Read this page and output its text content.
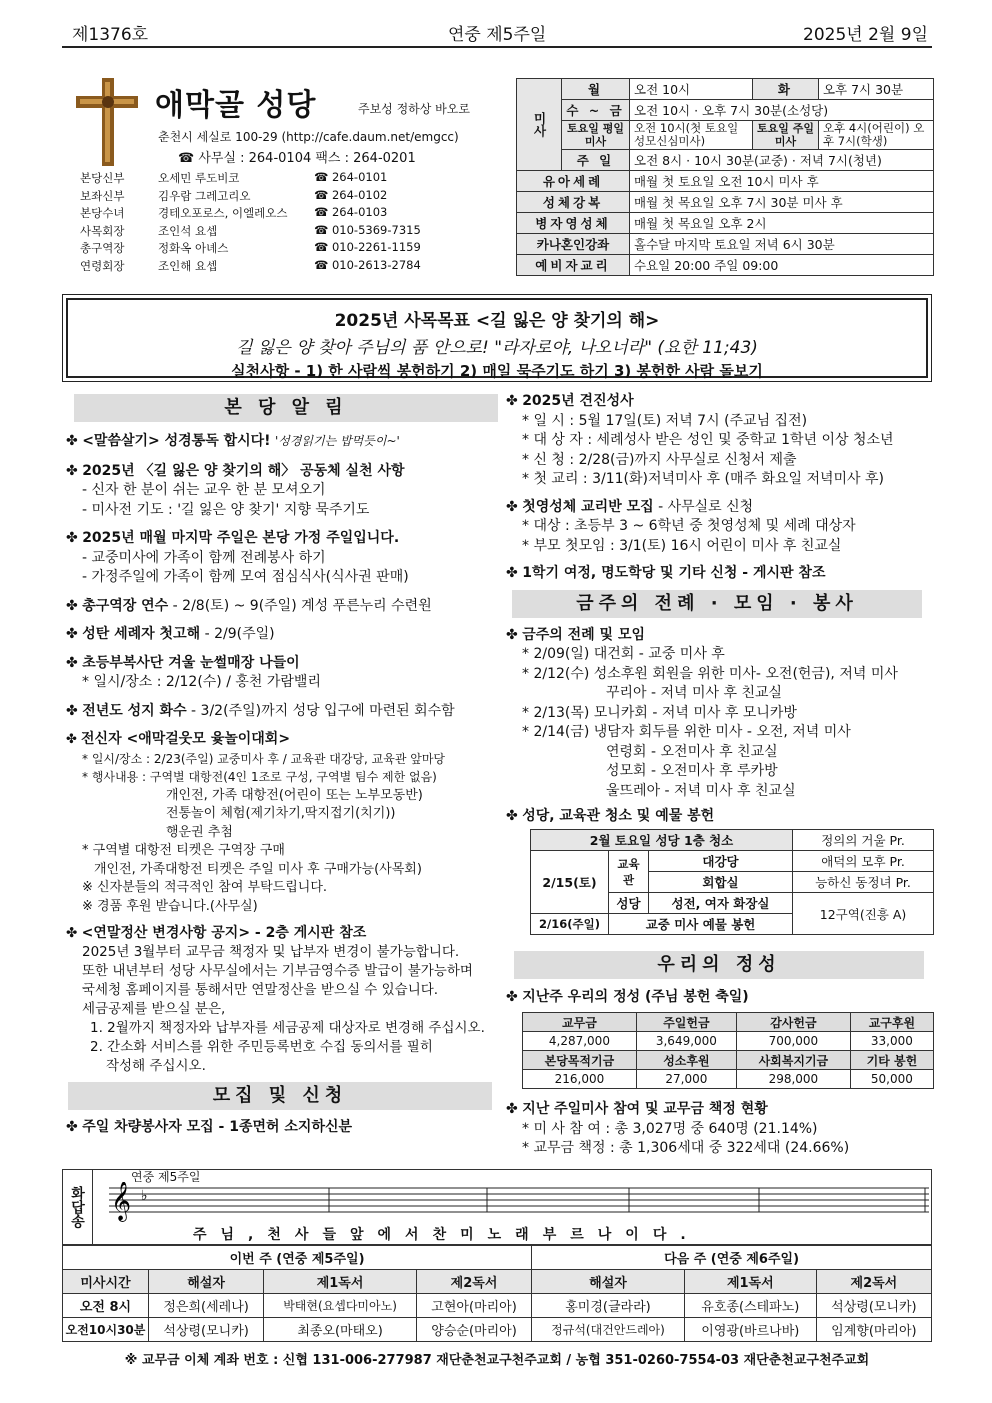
제1376호	연중 제5주일	2025년 2월 9일
애막골 성당	주보성 정하상 바오로
춘천시 세실로 100-29 (http://cafe.daum.net/emgcc)
☎ 사무실 : 264-0104 팩스 : 264-0201
본당신부	오세민 루도비코	☎ 264-0101
보좌신부	김우람 그레고리오	☎ 264-0102
본당수녀	경테오포로스, 이엘레오스 ☎ 264-0103
사목회장	조인석 요셉	☎ 010-5369-7315
총구역장	정화옥 아녜스	☎ 010-2261-1159
연령회장	조인해 요셉	☎ 010-2613-2784
미사	월	오전 10시	화	오후 7시 30분
	수 ~ 금	오전 10시 · 오후 7시 30분(소성당)		
	토요일 평일미사	오전 10시(첫 토요일 성모신심미사)	토요일 주일미사	오후 4시(어린이) 오후 7시(학생)
	주 일	오전 8시 · 10시 30분(교중) · 저녁 7시(청년)		
유아세례		매월 첫 토요일 오전 10시 미사 후		
성체강복		매월 첫 목요일 오후 7시 30분 미사 후		
병자영성체		매월 첫 목요일 오후 2시		
카나혼인강좌		홀수달 마지막 토요일 저녁 6시 30분		
예비자교리		수요일 20:00 주일 09:00		
2025년 사목목표 <길 잃은 양 찾기의 해>
길 잃은 양 찾아 주님의 품 안으로! "라자로야, 나오너라" (요한 11;43)
실천사항 - 1) 한 사람씩 봉헌하기 2) 매일 묵주기도 하기 3) 봉헌한 사람 돌보기
본 당 알 림
✤ <말씀살기> 성경통독 합시다! '성경읽기는 밥먹듯이~'
✤ 2025년 〈길 잃은 양 찾기의 해〉 공동체 실천 사항
- 신자 한 분이 쉬는 교우 한 분 모셔오기
- 미사전 기도 : '길 잃은 양 찾기' 지향 묵주기도
✤ 2025년 매월 마지막 주일은 본당 가정 주일입니다.
- 교중미사에 가족이 함께 전례봉사 하기
- 가정주일에 가족이 함께 모여 점심식사(식사권 판매)
✤ 총구역장 연수 - 2/8(토) ~ 9(주일) 계성 푸른누리 수련원
✤ 성탄 세례자 첫고해 - 2/9(주일)
✤ 초등부복사단 겨울 눈썰매장 나들이
* 일시/장소 : 2/12(수) / 홍천 가람밸리
✤ 전년도 성지 화수 - 3/2(주일)까지 성당 입구에 마련된 회수함
✤ 전신자 <애막걸웃모 윷놀이대회>
* 일시/장소 : 2/23(주일) 교중미사 후 / 교육관 대강당, 교육관 앞마당
* 행사내용 : 구역별 대항전(4인 1조로 구성, 구역별 팀수 제한 없음)
개인전, 가족 대항전(어린이 또는 노부모동반)
전통놀이 체험(제기차기,딱지접기(치기))
행운권 추첨
* 구역별 대항전 티켓은 구역장 구매
개인전, 가족대항전 티켓은 주일 미사 후 구매가능(사목회)
※ 신자분들의 적극적인 참여 부탁드립니다.
※ 경품 후원 받습니다.(사무실)
✤ <연말정산 변경사항 공지> - 2층 게시판 참조
2025년 3월부터 교무금 책정자 및 납부자 변경이 불가능합니다.
또한 내년부터 성당 사무실에서는 기부금영수증 발급이 불가능하며
국세청 홈페이지를 통해서만 연말정산을 받으실 수 있습니다.
세금공제를 받으실 분은,
1. 2월까지 책정자와 납부자를 세금공제 대상자로 변경해 주십시오.
2. 간소화 서비스를 위한 주민등록번호 수집 동의서를 필히
작성해 주십시오.
모집 및 신청
✤ 주일 차량봉사자 모집 - 1종면허 소지하신분
✤ 2025년 견진성사
* 일 시 : 5월 17일(토) 저녁 7시 (주교님 집전)
* 대 상 자 : 세례성사 받은 성인 및 중학교 1학년 이상 청소년
* 신 청 : 2/28(금)까지 사무실로 신청서 제출
* 첫 교리 : 3/11(화)저녁미사 후 (매주 화요일 저녁미사 후)
✤ 첫영성체 교리반 모집 - 사무실로 신청
* 대상 : 초등부 3 ~ 6학년 중 첫영성체 및 세례 대상자
* 부모 첫모임 : 3/1(토) 16시 어린이 미사 후 친교실
✤ 1학기 여정, 명도학당 및 기타 신청 - 게시판 참조
금주의 전례 · 모임 · 봉사
✤ 금주의 전례 및 모임
* 2/09(일) 대건회 - 교중 미사 후
* 2/12(수) 성소후원 회원을 위한 미사- 오전(헌금), 저녁 미사
꾸리아 - 저녁 미사 후 친교실
* 2/13(목) 모니카회 - 저녁 미사 후 모니카방
* 2/14(금) 냉담자 회두를 위한 미사 - 오전, 저녁 미사
연령회 - 오전미사 후 친교실
성모회 - 오전미사 후 루카방
울뜨레아 - 저녁 미사 후 친교실
✤ 성당, 교육관 청소 및 예물 봉헌
2월 토요일 성당 1층 청소			정의의 거울 Pr.
2/15(토)	교육관	대강당	애덕의 모후 Pr.
		회합실	능하신 동정녀 Pr.
	성당	성전, 여자 화장실	12구역(진흥 A)
2/16(주일)	교중 미사 예물 봉헌		
우리의 정성
✤ 지난주 우리의 정성 (주님 봉헌 축일)
교무금	주일헌금	감사헌금	교구후원
4,287,000	3,649,000	700,000	33,000
본당목적기금	성소후원	사회복지기금	기타 봉헌
216,000	27,000	298,000	50,000
✤ 지난 주일미사 참여 및 교무금 책정 현황
* 미 사 참 여 : 총 3,027명 중 640명 (21.14%)
* 교무금 책정 : 총 1,306세대 중 322세대 (24.66%)
화답송
연중 제5주일
𝄞 ♭
주님,천사들앞에서찬미노래부르나이다.
이번 주 (연중 제5주일)				다음 주 (연중 제6주일)		
미사시간	해설자	제1독서	제2독서	해설자	제1독서	제2독서
오전 8시	정은희(세레나)	박태현(요셉다미아노)	고현아(마리아)	홍미경(글라라)	유호종(스테파노)	석상령(모니카)
오전10시30분	석상령(모니카)	최종오(마태오)	양승순(마리아)	정규석(대건안드레아)	이영광(바르나바)	임계향(마리아)
※ 교무금 이체 계좌 번호 : 신협 131-006-277987 재단춘천교구천주교회 / 농협 351-0260-7554-03 재단춘천교구천주교회
